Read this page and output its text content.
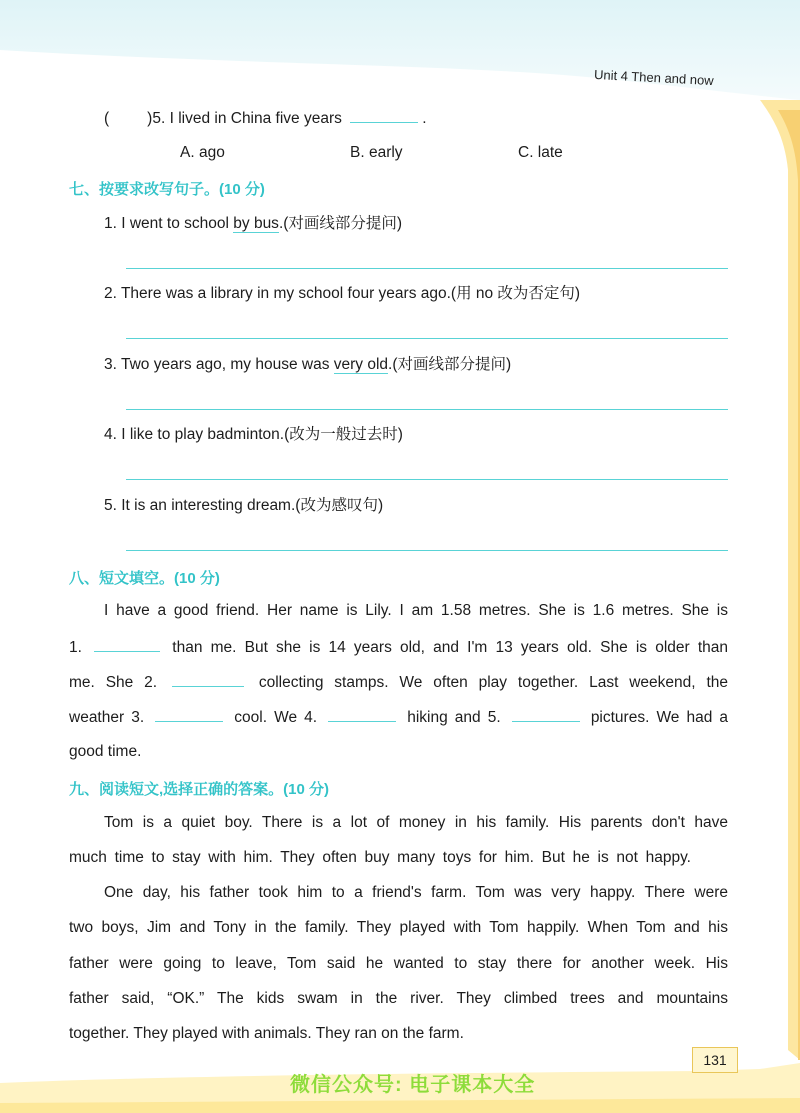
Unit 4 Then and now
( )5. I lived in China five years	.
A. ago	B. early	C. late
七、按要求改写句子。(10 分)
1. I went to school by bus.(对画线部分提问)
2. There was a library in my school four years ago.(用 no 改为否定句)
3. Two years ago, my house was very old.(对画线部分提问)
4. I like to play badminton.(改为一般过去时)
5. It is an interesting dream.(改为感叹句)
八、短文填空。(10 分)
I have a good friend. Her name is Lily. I am 1.58 metres. She is 1.6 metres. She is
1.	than me. But she is 14 years old, and I'm 13 years old. She is older than
me. She 2.	collecting stamps. We often play together. Last weekend, the
weather 3.	cool. We 4.	hiking and 5.	pictures. We had a
good time.
九、阅读短文,选择正确的答案。(10 分)
Tom is a quiet boy. There is a lot of money in his family. His parents don't have
much time to stay with him. They often buy many toys for him. But he is not happy.
One day, his father took him to a friend's farm. Tom was very happy. There were
two boys, Jim and Tony in the family. They played with Tom happily. When Tom and his
father were going to leave, Tom said he wanted to stay there for another week. His
father said, “OK.” The kids swam in the river. They climbed trees and mountains
together. They played with animals. They ran on the farm.
131
微信公众号: 电子课本大全
